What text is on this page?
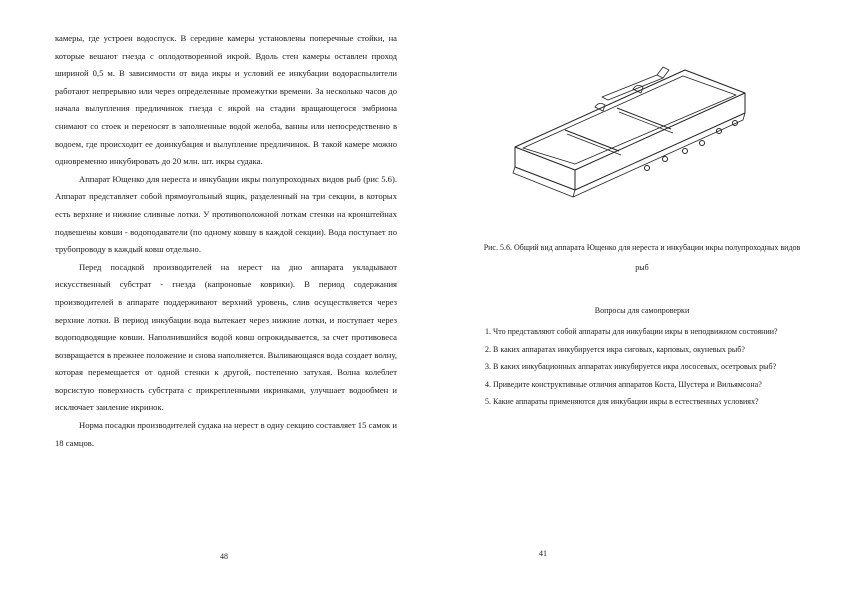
камеры, где устроен водоспуск. В середине камеры установлены поперечные стойки, на которые вешают гнезда с оплодотворенной икрой. Вдоль стен камеры оставлен проход шириной 0,5 м. В зависимости от вида икры и условий ее инкубации водораспылители работают непрерывно или через определенные промежутки времени. За несколько часов до начала вылупления предличинок гнезда с икрой на стадии вращающегося эмбриона снимают со стоек и переносят в заполненные водой желоба, ванны или непосредственно в водоем, где происходит ее доинкубация и вылупление предличинок. В такой камере можно одновременно инкубировать до 20 млн. шт. икры судака.

Аппарат Ющенко для нереста и инкубации икры полупроходных видов рыб (рис 5.6). Аппарат представляет собой прямоугольный ящик, разделенный на три секции, в которых есть верхние и нижние сливные лотки. У противоположной лоткам стенки на кронштейнах подвешены ковши - водоподаватели (по одному ковшу в каждой секции). Вода поступает по трубопроводу в каждый ковш отдельно.

Перед посадкой производителей на нерест на дно аппарата укладывают искусственный субстрат - гнезда (капроновые коврики). В период содержания производителей в аппарате поддерживают верхний уровень, слив осуществляется через верхние лотки. В период инкубации вода вытекает через нижние лотки, и поступает через водоподводящие ковши. Наполнившийся водой ковш опрокидывается, за счет противовеса возвращается в прежнее положение и снова наполняется. Выливающаяся вода создает волну, которая перемещается от одной стенки к другой, постепенно затухая. Волна колеблет ворсистую поверхность субстрата с прикрепленными икринками, улучшает водообмен и исключает заиление икринок.

Норма посадки производителей судака на нерест в одну секцию составляет 15 самок и 18 самцов.

48
Рис. 5.6. Общий вид аппарата Ющенко для нереста и инкубации икры полупроходных видов рыб
Вопросы для самопроверки

1. Что представляют собой аппараты для инкубации икры в неподвижном состоянии?

2. В каких аппаратах инкубируется икра сиговых, карповых, окуневых рыб?

3. В каких инкубационных аппаратах инкубируется икра лососевых, осетровых рыб?

4. Приведите конструктивные отличия аппаратов Коста, Шустера и Вильямсона?

5. Какие аппараты применяются для инкубации икры в естественных условиях?

41
